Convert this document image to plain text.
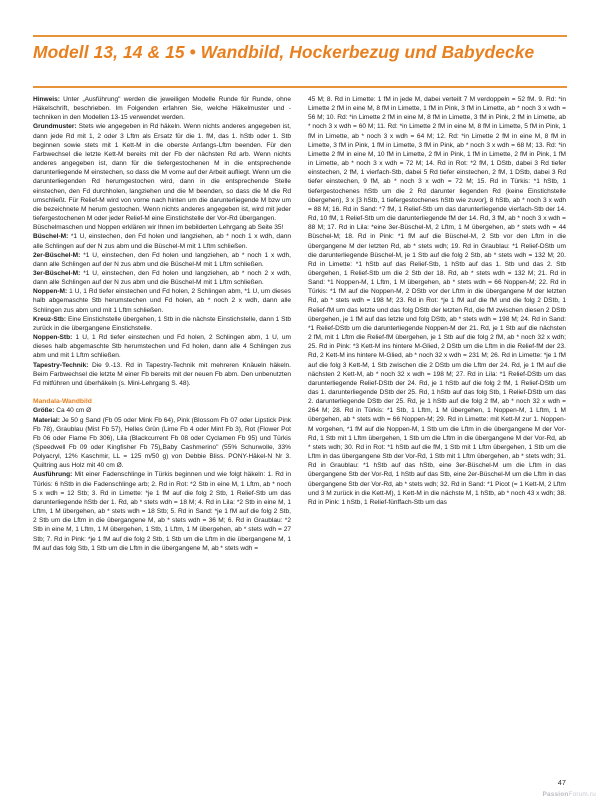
Modell 13, 14 & 15 • Wandbild, Hockerbezug und Babydecke

Hinweis: Unter „Ausführung" werden die jeweiligen Modelle Runde für Runde, ohne Häkelschrift, beschrieben. Im Folgenden erfahren Sie, welche Häkelmuster und -techniken in den Modellen 13-15 verwendet werden.

Grundmuster: Stets wie angegeben in Rd häkeln. Wenn nichts anderes angegeben ist, dann jede Rd mit 1, 2 oder 3 Lftm als Ersatz für die 1. fM, das 1. hStb oder 1. Stb beginnen sowie stets mit 1 Kett-M in die oberste Anfangs-Lftm beenden. Für den Farbwechsel die letzte Kett-M bereits mit der Fb der nächsten Rd arb. Wenn nichts anderes angegeben ist, dann für die tiefergestochenen M in die entsprechende darunterliegende M einstechen, so dass die M vorne auf der Arbeit aufliegt. Wenn um die darunterliegenden Rd herumgestochen wird, dann in die entsprechende Stelle einstechen, den Fd durchholen, langziehen und die M beenden, so dass die M die Rd umschließt. Für Relief-M wird von vorne nach hinten um die darunterliegende M bzw um die bezeichnete M herum gestochen. Wenn nichts anderes angegeben ist, wird mit jeder tiefergestochenen M oder jeder Relief-M eine Einstichstelle der Vor-Rd übergangen.

Büschelmaschen und Noppen erklären wir Ihnen im bebilderten Lehrgang ab Seite 35!

Büschel-M: *1 U, einstechen, den Fd holen und langziehen, ab * noch 1 x wdh, dann alle Schlingen auf der N zus abm und die Büschel-M mit 1 Lftm schließen.

2er-Büschel-M: *1 U, einstechen, den Fd holen und langziehen, ab * noch 1 x wdh, dann alle Schlingen auf der N zus abm und die Büschel-M mit 1 Lftm schließen.

3er-Büschel-M: *1 U, einstechen, den Fd holen und langziehen, ab * noch 2 x wdh, dann alle Schlingen auf der N zus abm und die Büschel-M mit 1 Lftm schließen.

Noppen-M: 1 U, 1 Rd tiefer einstechen und Fd holen, 2 Schlingen abm, *1 U, um dieses halb abgemaschte Stb herumstechen und Fd holen, ab * noch 2 x wdh, dann alle Schlingen zus abm und mit 1 Lftm schließen.

Kreuz-Stb: Eine Einstichstelle übergehen, 1 Stb in die nächste Einstichstelle, dann 1 Stb zurück in die übergangene Einstichstelle.

Noppen-Stb: 1 U, 1 Rd tiefer einstechen und Fd holen, 2 Schlingen abm, 1 U, um dieses halb abgemaschte Stb herumstechen und Fd holen, dann alle 4 Schlingen zus abm und mit 1 Lftm schließen.

Tapestry-Technik: Die 9.-13. Rd in Tapestry-Technik mit mehreren Knäueln häkeln. Beim Farbwechsel die letzte M einer Fb bereits mit der neuen Fb abm. Den unbenutzten Fd mitführen und überhäkeln (s. Mini-Lehrgang S. 48).

Mandala-Wandbild

Größe: Ca 40 cm Ø

Material: Je 50 g Sand (Fb 05 oder Mink Fb 64), Pink (Blossom Fb 07 oder Lipstick Pink Fb 78), Graublau (Mist Fb 57), Helles Grün (Lime Fb 4 oder Mint Fb 3), Rot (Flower Pot Fb 06 oder Flame Fb 306), Lila (Blackcurrent Fb 08 oder Cyclamen Fb 95) und Türkis (Speedwell Fb 09 oder Kingfisher Fb 75)„Baby Cashmerino" (55% Schurwolle, 33% Polyacryl, 12% Kaschmir, LL = 125 m/50 g) von Debbie Bliss. PONY-Häkel-N Nr 3. Quiltring aus Holz mit 40 cm Ø.

Ausführung: Mit einer Fadenschlinge in Türkis beginnen und wie folgt häkeln: 1. Rd in Türkis: 6 hStb in die Fadenschlinge arb; 2. Rd in Rot: *2 Stb in eine M, 1 Lftm, ab * noch 5 x wdh = 12 Stb; 3. Rd in Limette: *je 1 fM auf die folg 2 Stb, 1 Relief-Stb um das darunterliegende hStb der 1. Rd, ab * stets wdh = 18 M; 4. Rd in Lila: *2 Stb in eine M, 1 Lftm, 1 M übergehen, ab * stets wdh = 18 Stb; 5. Rd in Sand: *je 1 fM auf die folg 2 Stb, 2 Stb um die Lftm in die übergangene M, ab * stets wdh = 36 M; 6. Rd in Graublau: *2 Stb in eine M, 1 Lftm, 1 M übergehen, 1 Stb, 1 Lftm, 1 M übergehen, ab * stets wdh = 27 Stb; 7. Rd in Pink: *je 1 fM auf die folg 2 Stb, 1 Stb um die Lftm in die übergangene M, 1 fM auf das folg Stb, 1 Stb um die Lftm in die übergangene M, ab * stets wdh =

45 M; 8. Rd in Limette: 1 fM in jede M, dabei verteilt 7 M verdoppeln = 52 fM. 9. Rd: *in Limette 2 fM in eine M, 8 fM in Limette, 1 fM in Pink, 3 fM in Limette, ab * noch 3 x wdh = 56 M; 10. Rd: *in Limette 2 fM in eine M, 8 fM in Limette, 3 fM in Pink, 2 fM in Limette, ab * noch 3 x wdh = 60 M; 11. Rd: *in Limette 2 fM in eine M, 8 fM in Limette, 5 fM in Pink, 1 fM in Limette, ab * noch 3 x wdh = 64 M; 12. Rd: *in Limette 2 fM in eine M, 8 fM in Limette, 3 fM in Pink, 1 fM in Limette, 3 fM in Pink, ab * noch 3 x wdh = 68 M; 13. Rd: *in Limette 2 fM in eine M, 10 fM in Limette, 2 fM in Pink, 1 fM in Limette, 2 fM in Pink, 1 fM in Limette, ab * noch 3 x wdh = 72 M; 14. Rd in Rot: *2 fM, 1 DStb, dabei 3 Rd tiefer einstechen, 2 fM, 1 vierfach-Stb, dabei 5 Rd tiefer einstechen, 2 fM, 1 DStb, dabei 3 Rd tiefer einstechen, 9 fM, ab * noch 3 x wdh = 72 M; 15. Rd in Türkis: *1 hStb, 1 tiefergestochenes hStb um die 2 Rd darunter liegenden Rd (keine Einstichstelle übergehen), 3 x [3 hStb, 1 tiefergestochenes hStb wie zuvor], 8 hStb, ab * noch 3 x wdh = 88 M; 16. Rd in Sand: *7 fM, 1 Relief-Stb um das darunterliegende vierfach-Stb der 14. Rd, 10 fM, 1 Relief-Stb um die darunterliegende fM der 14. Rd, 3 fM, ab * noch 3 x wdh = 88 M; 17. Rd in Lila: *eine 3er-Büschel-M, 2 Lftm, 1 M übergehen, ab * stets wdh = 44 Büschel-M; 18. Rd in Pink: *1 fM auf die Büschel-M, 2 Stb vor den Lftm in die übergangene M der letzten Rd, ab * stets wdh; 19. Rd in Graublau: *1 Relief-DStb um die darunterliegende Büschel-M, je 1 Stb auf die folg 2 Stb, ab * stets wdh = 132 M; 20. Rd in Limette: *1 hStb auf das Relief-Stb, 1 hStb auf das 1. Stb und das 2. Stb übergehen, 1 Relief-Stb um die 2 Stb der 18. Rd, ab * stets wdh = 132 M; 21. Rd in Sand: *1 Noppen-M, 1 Lftm, 1 M übergehen, ab * stets wdh = 66 Noppen-M; 22. Rd in Türkis: *1 fM auf die Noppen-M, 2 DStb vor der Lftm in die übergangene M der letzten Rd, ab * stets wdh = 198 M; 23. Rd in Rot: *je 1 fM auf die fM und die folg 2 DStb, 1 Relief-fM um das letzte und das folg DStb der letzten Rd, die fM zwischen diesen 2 DStb übergehen, je 1 fM auf das letzte und folg DStb, ab * stets wdh = 198 M; 24. Rd in Sand: *1 Relief-DStb um die darunterliegende Noppen-M der 21. Rd, je 1 Stb auf die nächsten 2 fM, mit 1 Lftm die Relief-fM übergehen, je 1 Stb auf die folg 2 fM, ab * noch 32 x wdh; 25. Rd in Pink: *3 Kett-M ins hintere M-Glied, 2 DStb um die Lftm in die Relief-fM der 23. Rd, 2 Kett-M ins hintere M-Glied, ab * noch 32 x wdh = 231 M; 26. Rd in Limette: *je 1 fM auf die folg 3 Kett-M, 1 Stb zwischen die 2 DStb um die Lftm der 24. Rd, je 1 fM auf die nächsten 2 Kett-M, ab * noch 32 x wdh = 198 M; 27. Rd in Lila: *1 Relief-DStb um das darunterliegende Relief-DStb der 24. Rd, je 1 hStb auf die folg 2 fM, 1 Relief-DStb um das 1. darunterliegende DStb der 25. Rd, 1 hStb auf das folg Stb, 1 Relief-DStb um das 2. darunterliegende DStb der 25. Rd, je 1 hStb auf die folg 2 fM, ab * noch 32 x wdh = 264 M; 28. Rd in Türkis: *1 Stb, 1 Lftm, 1 M übergehen, 1 Noppen-M, 1 Lftm, 1 M übergehen, ab * stets wdh = 66 Noppen-M; 29. Rd in Limette: mit Kett-M zur 1. Noppen-M vorgehen, *1 fM auf die Noppen-M, 1 Stb um die Lftm in die übergangene M der Vor-Rd, 1 Stb mit 1 Lftm übergehen, 1 Stb um die Lftm in die übergangene M der Vor-Rd, ab * stets wdh; 30. Rd in Rot: *1 hStb auf die fM, 1 Stb mit 1 Lftm übergehen, 1 Stb um die Lftm in das übergangene Stb der Vor-Rd, 1 Stb mit 1 Lftm übergehen, ab * stets wdh; 31. Rd in Graublau: *1 hStb auf das hStb, eine 3er-Büschel-M um die Lftm in das übergangene Stb der Vor-Rd, 1 hStb auf das Stb, eine 2er-Büschel-M um die Lftm in das übergangene Stb der Vor-Rd, ab * stets wdh; 32. Rd in Sand: *1 Picot (= 1 Kett-M, 2 Lftm und 3 M zurück in die Kett-M), 1 Kett-M in die nächste M, 1 hStb, ab * noch 43 x wdh; 38. Rd in Pink: 1 hStb, 1 Relief-fünffach-Stb um das

47
PassionForum.ru
